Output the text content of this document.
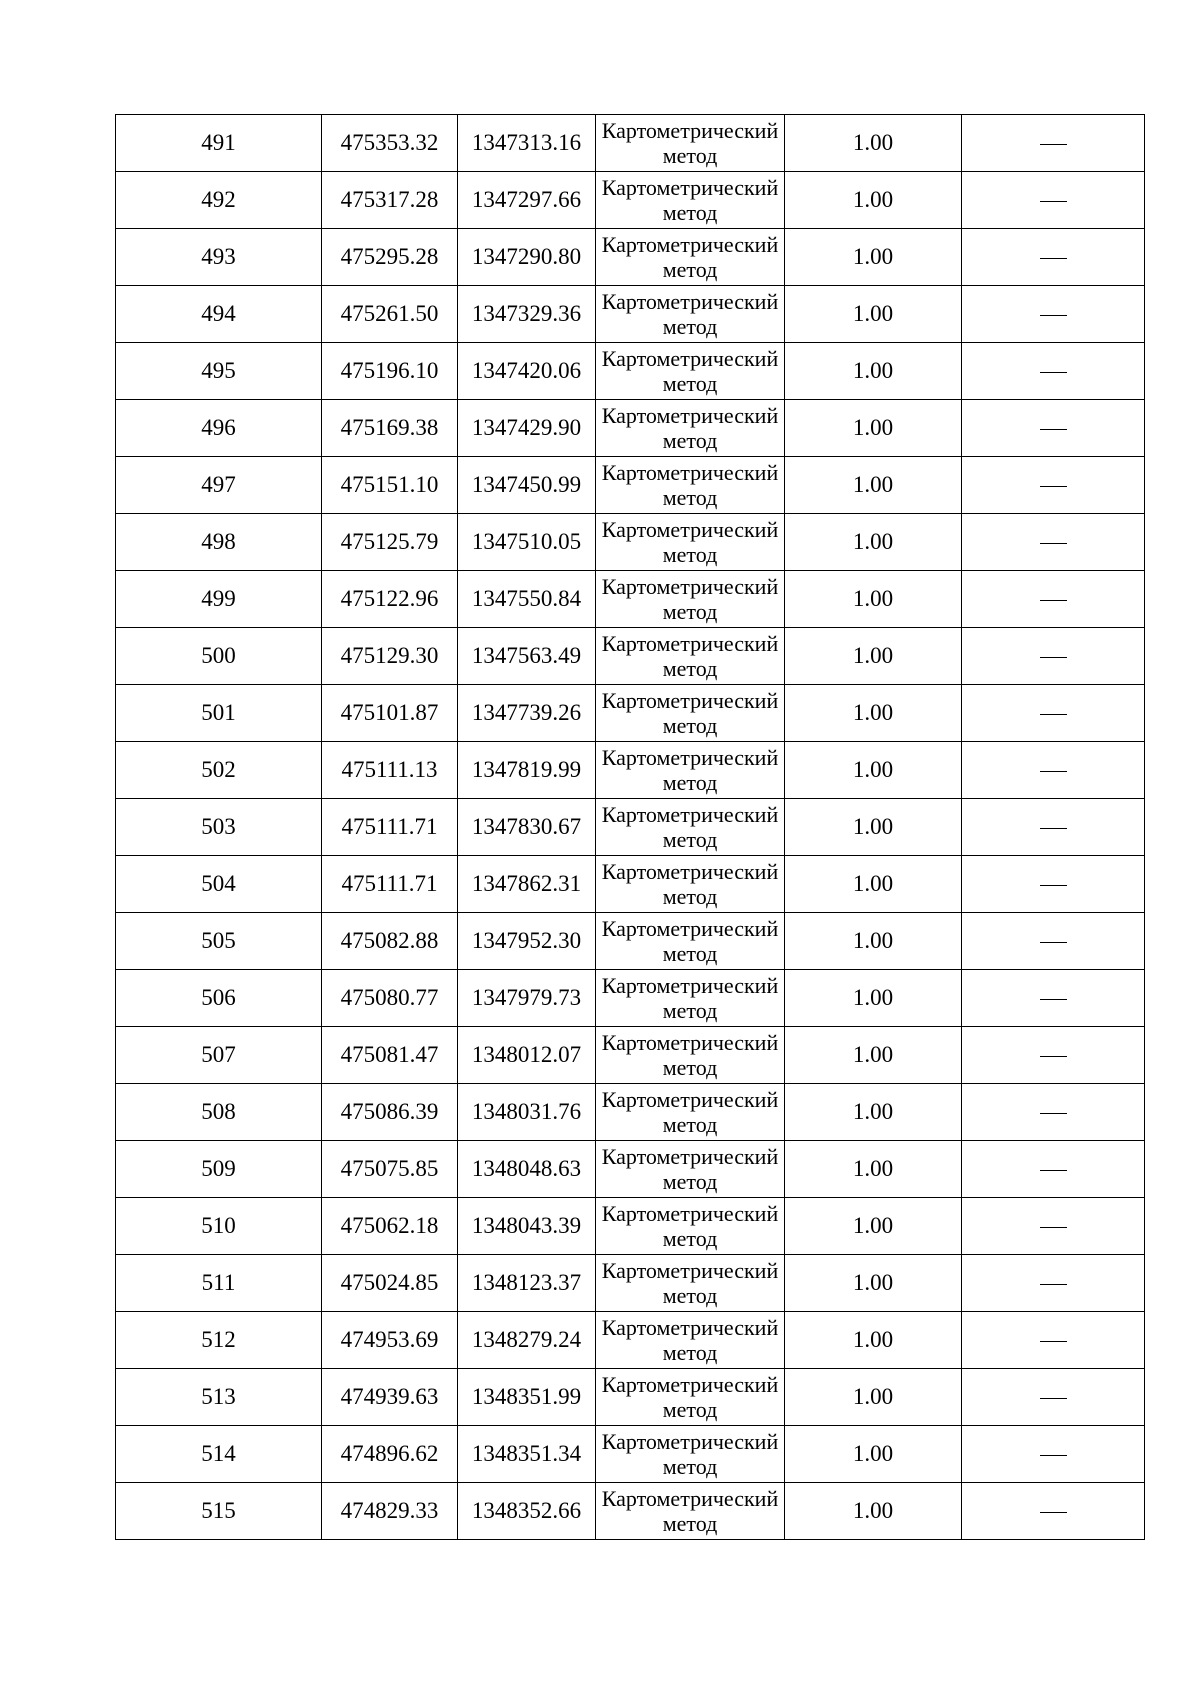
491	475353.32	1347313.16	Картометрический метод	1.00	
492	475317.28	1347297.66	Картометрический метод	1.00	
493	475295.28	1347290.80	Картометрический метод	1.00	
494	475261.50	1347329.36	Картометрический метод	1.00	
495	475196.10	1347420.06	Картометрический метод	1.00	
496	475169.38	1347429.90	Картометрический метод	1.00	
497	475151.10	1347450.99	Картометрический метод	1.00	
498	475125.79	1347510.05	Картометрический метод	1.00	
499	475122.96	1347550.84	Картометрический метод	1.00	
500	475129.30	1347563.49	Картометрический метод	1.00	
501	475101.87	1347739.26	Картометрический метод	1.00	
502	475111.13	1347819.99	Картометрический метод	1.00	
503	475111.71	1347830.67	Картометрический метод	1.00	
504	475111.71	1347862.31	Картометрический метод	1.00	
505	475082.88	1347952.30	Картометрический метод	1.00	
506	475080.77	1347979.73	Картометрический метод	1.00	
507	475081.47	1348012.07	Картометрический метод	1.00	
508	475086.39	1348031.76	Картометрический метод	1.00	
509	475075.85	1348048.63	Картометрический метод	1.00	
510	475062.18	1348043.39	Картометрический метод	1.00	
511	475024.85	1348123.37	Картометрический метод	1.00	
512	474953.69	1348279.24	Картометрический метод	1.00	
513	474939.63	1348351.99	Картометрический метод	1.00	
514	474896.62	1348351.34	Картометрический метод	1.00	
515	474829.33	1348352.66	Картометрический метод	1.00	
